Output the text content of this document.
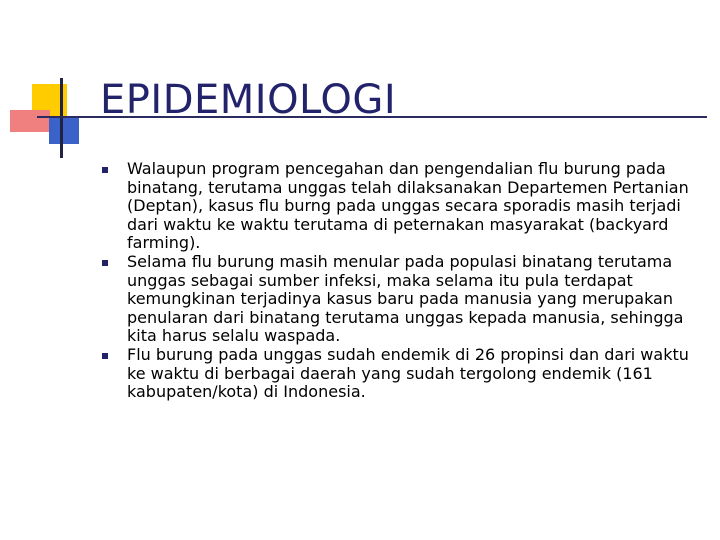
EPIDEMIOLOGI
Walaupun program pencegahan dan pengendalian flu burung pada binatang, terutama unggas telah dilaksanakan Departemen Pertanian (Deptan), kasus flu burng pada unggas secara sporadis masih terjadi dari waktu ke waktu terutama di peternakan masyarakat (backyard farming).
Selama flu burung masih menular pada populasi binatang terutama unggas sebagai sumber infeksi, maka selama itu pula terdapat kemungkinan terjadinya kasus baru pada manusia yang merupakan penularan dari binatang terutama unggas kepada manusia, sehingga kita harus selalu waspada.
Flu burung pada unggas sudah endemik di 26 propinsi dan dari waktu ke waktu di berbagai daerah yang sudah tergolong endemik (161 kabupaten/kota) di Indonesia.
